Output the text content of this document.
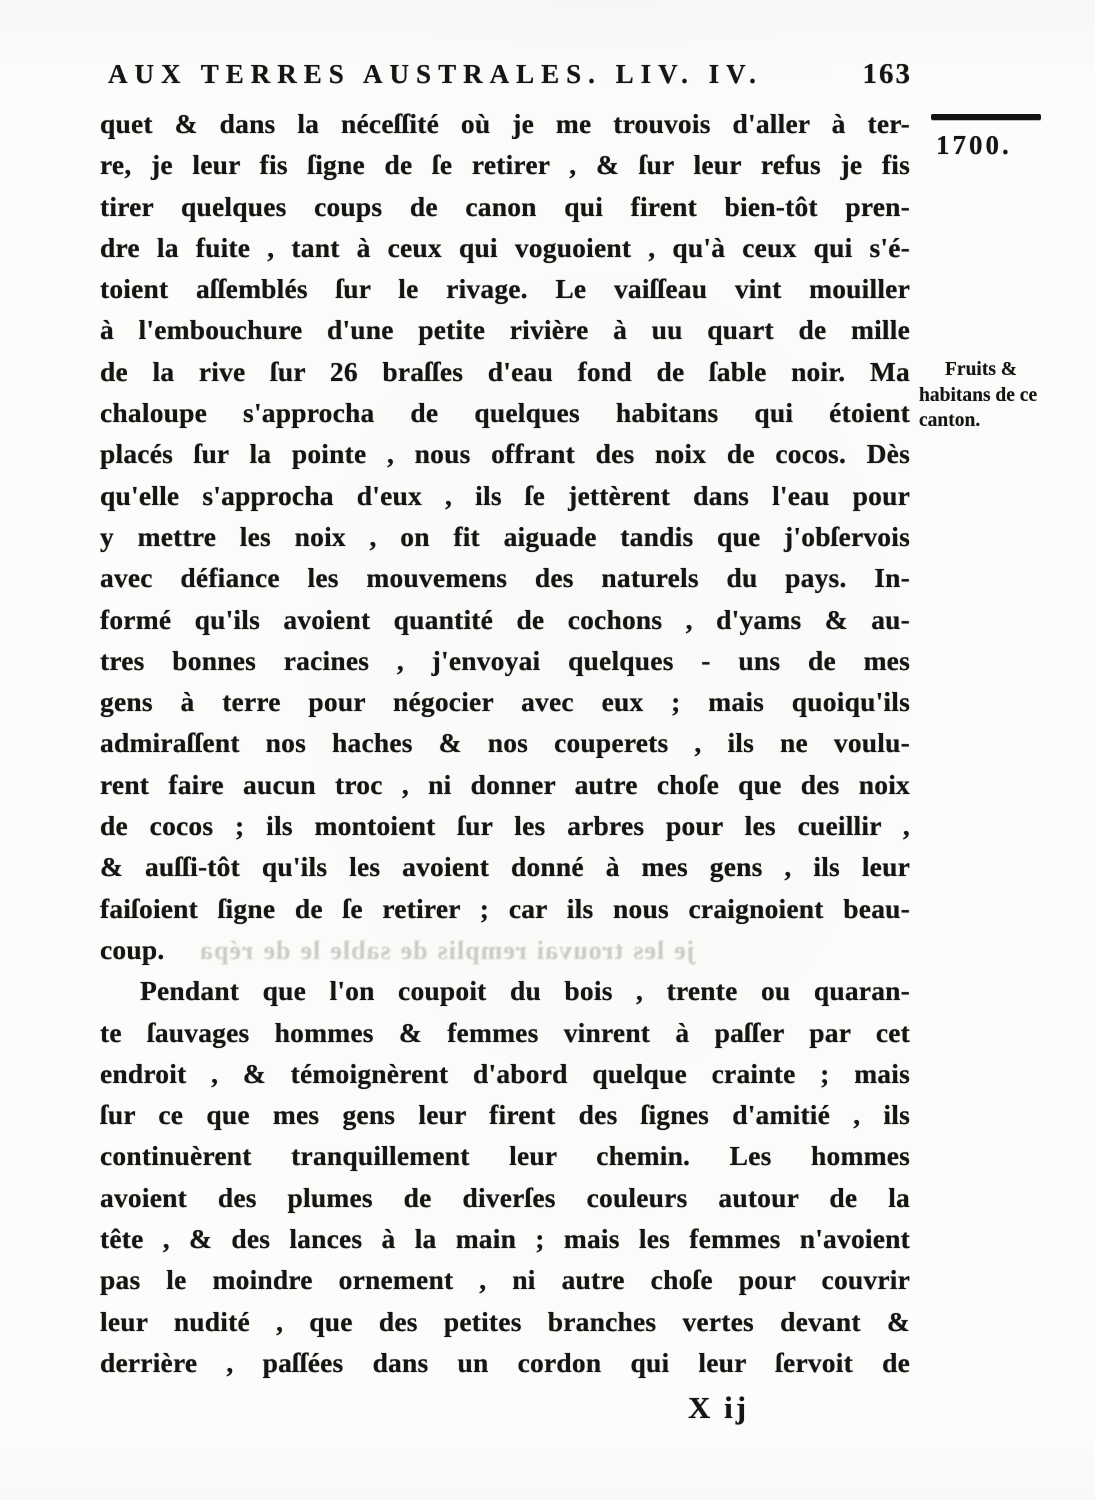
AUX TERRES AUSTRALES. LIV. IV.	163
1700.
Fruits & habitans de ce canton.
quet & dans la néceſſité où je me trouvois d'aller à ter-
re, je leur fis ſigne de ſe retirer , & ſur leur refus je fis
tirer quelques coups de canon qui firent bien-tôt pren-
dre la fuite , tant à ceux qui voguoient , qu'à ceux qui s'é-
toient aſſemblés ſur le rivage. Le vaiſſeau vint mouiller
à l'embouchure d'une petite rivière à uu quart de mille
de la rive ſur 26 braſſes d'eau fond de ſable noir. Ma
chaloupe s'approcha de quelques habitans qui étoient
placés ſur la pointe , nous offrant des noix de cocos. Dès
qu'elle s'approcha d'eux , ils ſe jettèrent dans l'eau pour
y mettre les noix , on fit aiguade tandis que j'obſervois
avec défiance les mouvemens des naturels du pays. In-
formé qu'ils avoient quantité de cochons , d'yams & au-
tres bonnes racines , j'envoyai quelques - uns de mes
gens à terre pour négocier avec eux ; mais quoiqu'ils
admiraſſent nos haches & nos couperets , ils ne voulu-
rent faire aucun troc , ni donner autre choſe que des noix
de cocos ; ils montoient ſur les arbres pour les cueillir ,
& auſſi-tôt qu'ils les avoient donné à mes gens , ils leur
faiſoient ſigne de ſe retirer ; car ils nous craignoient beau-
coup. je les trouvai remplis de sable le de répa
Pendant que l'on coupoit du bois , trente ou quaran-
te ſauvages hommes & femmes vinrent à paſſer par cet
endroit , & témoignèrent d'abord quelque crainte ; mais
ſur ce que mes gens leur firent des ſignes d'amitié , ils
continuèrent tranquillement leur chemin. Les hommes
avoient des plumes de diverſes couleurs autour de la
tête , & des lances à la main ; mais les femmes n'avoient
pas le moindre ornement , ni autre choſe pour couvrir
leur nudité , que des petites branches vertes devant &
derrière , paſſées dans un cordon qui leur ſervoit de
X ij
